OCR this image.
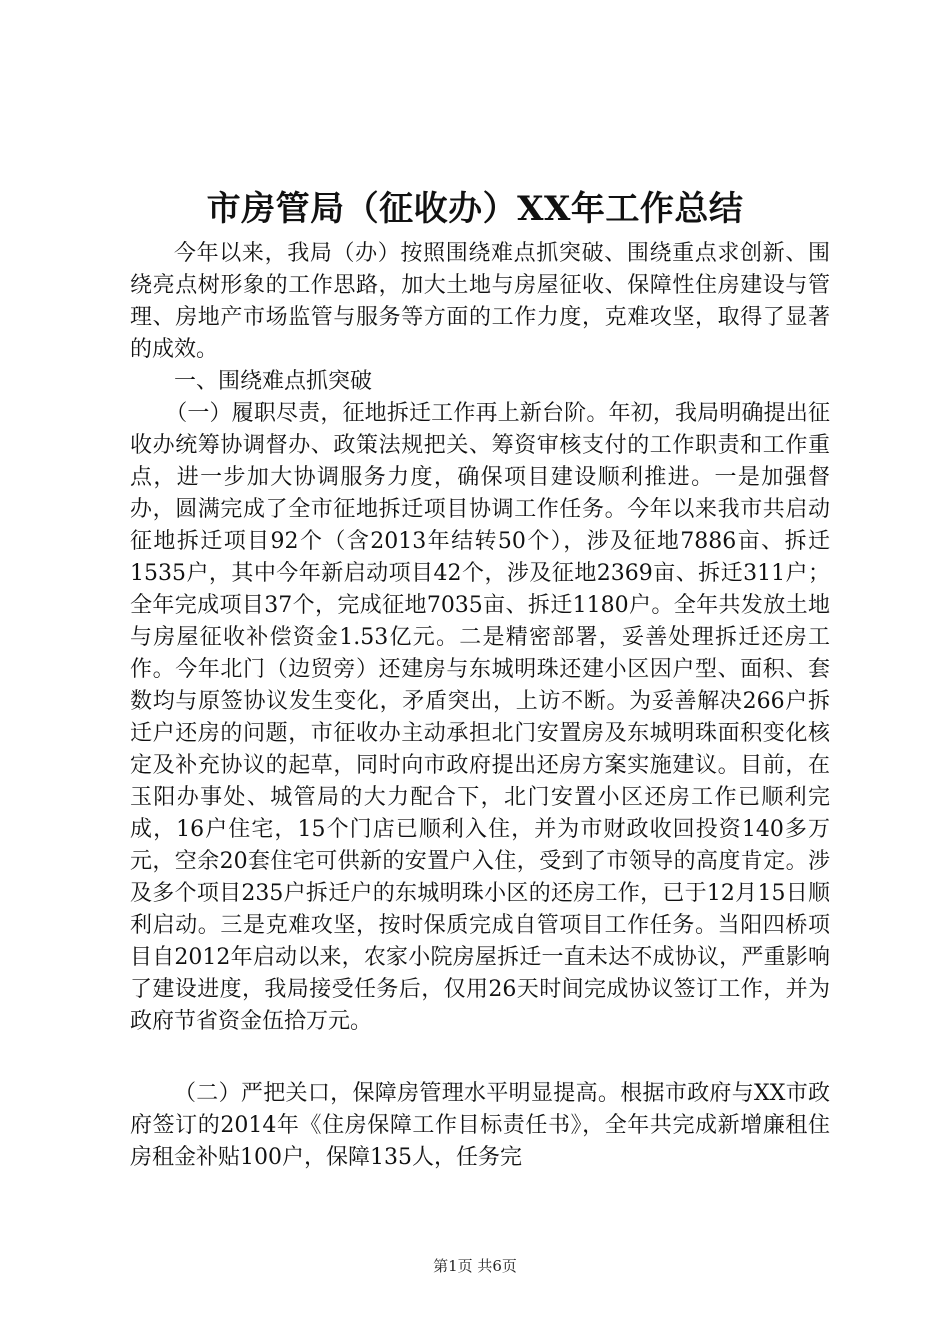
市房管局（征收办）XX年工作总结

今年以来，我局（办）按照围绕难点抓突破、围绕重点求创新、围绕亮点树形象的工作思路，加大土地与房屋征收、保障性住房建设与管理、房地产市场监管与服务等方面的工作力度，克难攻坚，取得了显著的成效。

一、围绕难点抓突破

（一）履职尽责，征地拆迁工作再上新台阶。年初，我局明确提出征收办统筹协调督办、政策法规把关、筹资审核支付的工作职责和工作重点，进一步加大协调服务力度，确保项目建设顺利推进。一是加强督办，圆满完成了全市征地拆迁项目协调工作任务。今年以来我市共启动征地拆迁项目92个（含2013年结转50个），涉及征地7886亩、拆迁1535户，其中今年新启动项目42个，涉及征地2369亩、拆迁311户；全年完成项目37个，完成征地7035亩、拆迁1180户。全年共发放土地与房屋征收补偿资金1.53亿元。二是精密部署，妥善处理拆迁还房工作。今年北门（边贸旁）还建房与东城明珠还建小区因户型、面积、套数均与原签协议发生变化，矛盾突出，上访不断。为妥善解决266户拆迁户还房的问题，市征收办主动承担北门安置房及东城明珠面积变化核定及补充协议的起草，同时向市政府提出还房方案实施建议。目前，在玉阳办事处、城管局的大力配合下，北门安置小区还房工作已顺利完成，16户住宅，15个门店已顺利入住，并为市财政收回投资140多万元，空余20套住宅可供新的安置户入住，受到了市领导的高度肯定。涉及多个项目235户拆迁户的东城明珠小区的还房工作，已于12月15日顺利启动。三是克难攻坚，按时保质完成自管项目工作任务。当阳四桥项目自2012年启动以来，农家小院房屋拆迁一直未达不成协议，严重影响了建设进度，我局接受任务后，仅用26天时间完成协议签订工作，并为政府节省资金伍拾万元。

（二）严把关口，保障房管理水平明显提高。根据市政府与XX市政府签订的2014年《住房保障工作目标责任书》，全年共完成新增廉租住房租金补贴100户，保障135人，任务完

第1页 共6页
